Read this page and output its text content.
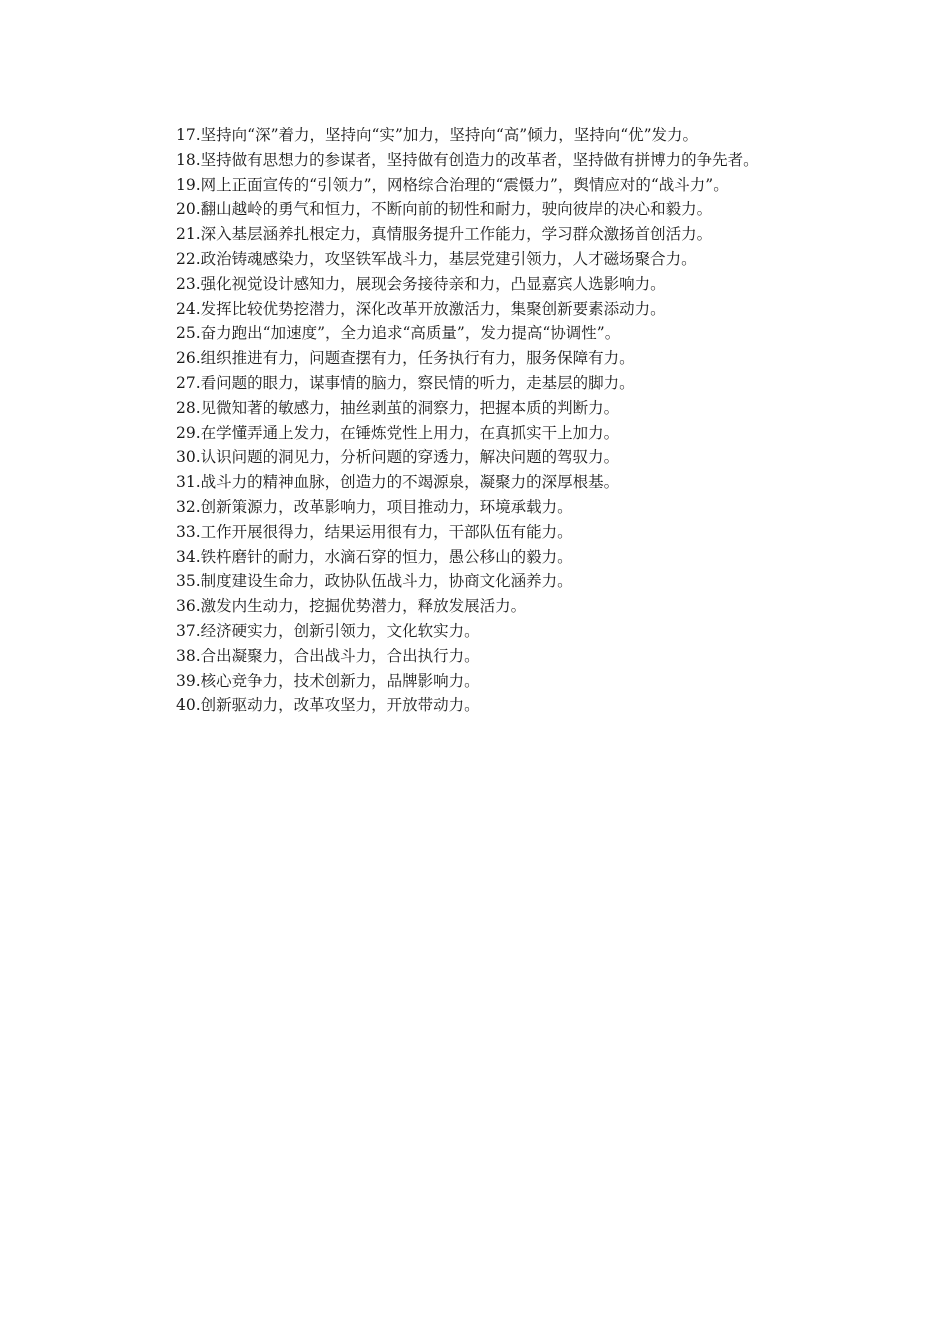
17.坚持向“深”着力，坚持向“实”加力，坚持向“高”倾力，坚持向“优”发力。

18.坚持做有思想力的参谋者，坚持做有创造力的改革者，坚持做有拼博力的争先者。

19.网上正面宣传的“引领力”，网格综合治理的“震慑力”，舆情应对的“战斗力”。

20.翻山越岭的勇气和恒力，不断向前的韧性和耐力，驶向彼岸的决心和毅力。

21.深入基层涵养扎根定力，真情服务提升工作能力，学习群众激扬首创活力。

22.政治铸魂感染力，攻坚铁军战斗力，基层党建引领力，人才磁场聚合力。

23.强化视觉设计感知力，展现会务接待亲和力，凸显嘉宾人选影响力。

24.发挥比较优势挖潜力，深化改革开放激活力，集聚创新要素添动力。

25.奋力跑出“加速度”，全力追求“高质量”，发力提高“协调性”。

26.组织推进有力，问题查摆有力，任务执行有力，服务保障有力。

27.看问题的眼力，谋事情的脑力，察民情的听力，走基层的脚力。

28.见微知著的敏感力，抽丝剥茧的洞察力，把握本质的判断力。

29.在学懂弄通上发力，在锤炼党性上用力，在真抓实干上加力。

30.认识问题的洞见力，分析问题的穿透力，解决问题的驾驭力。

31.战斗力的精神血脉，创造力的不竭源泉，凝聚力的深厚根基。

32.创新策源力，改革影响力，项目推动力，环境承载力。

33.工作开展很得力，结果运用很有力，干部队伍有能力。

34.铁杵磨针的耐力，水滴石穿的恒力，愚公移山的毅力。

35.制度建设生命力，政协队伍战斗力，协商文化涵养力。

36.激发内生动力，挖掘优势潜力，释放发展活力。

37.经济硬实力，创新引领力，文化软实力。

38.合出凝聚力，合出战斗力，合出执行力。

39.核心竞争力，技术创新力，品牌影响力。

40.创新驱动力，改革攻坚力，开放带动力。
